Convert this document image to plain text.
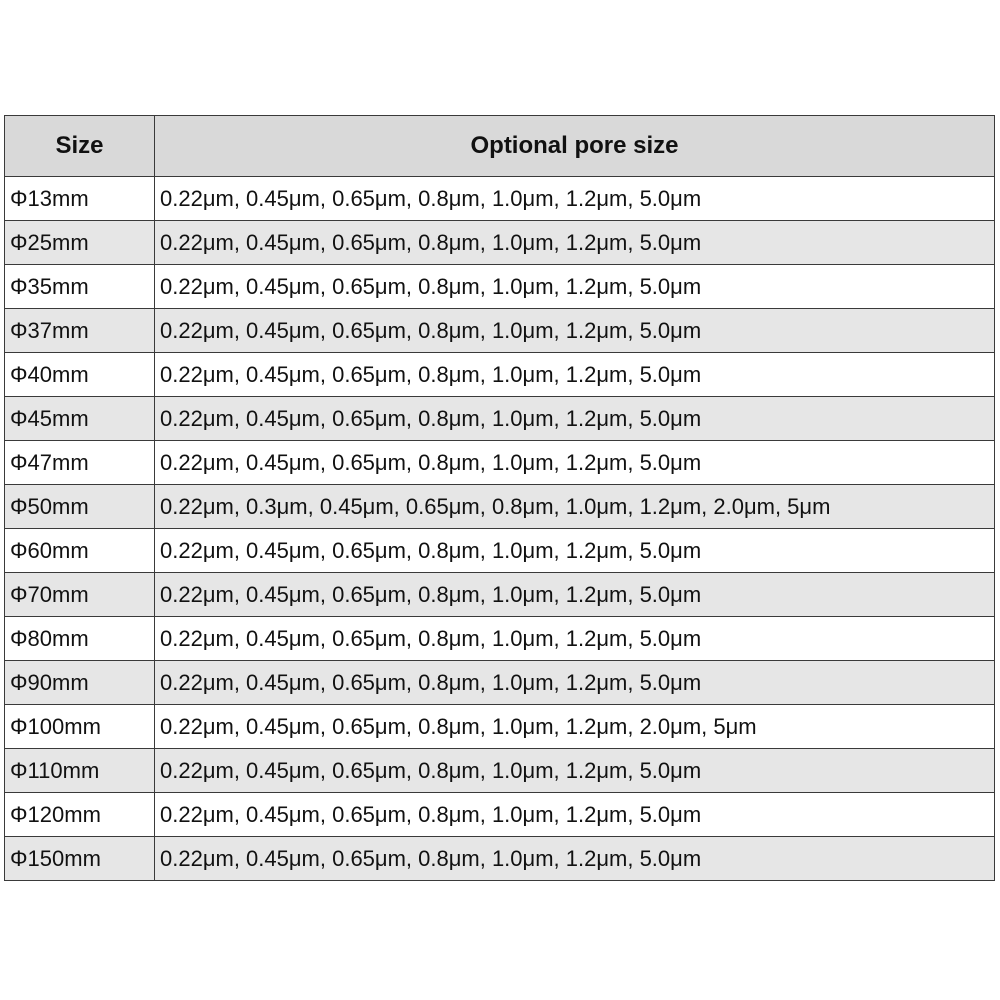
Size	Optional pore size
Φ13mm	0.22μm, 0.45μm, 0.65μm, 0.8μm, 1.0μm, 1.2μm, 5.0μm
Φ25mm	0.22μm, 0.45μm, 0.65μm, 0.8μm, 1.0μm, 1.2μm, 5.0μm
Φ35mm	0.22μm, 0.45μm, 0.65μm, 0.8μm, 1.0μm, 1.2μm, 5.0μm
Φ37mm	0.22μm, 0.45μm, 0.65μm, 0.8μm, 1.0μm, 1.2μm, 5.0μm
Φ40mm	0.22μm, 0.45μm, 0.65μm, 0.8μm, 1.0μm, 1.2μm, 5.0μm
Φ45mm	0.22μm, 0.45μm, 0.65μm, 0.8μm, 1.0μm, 1.2μm, 5.0μm
Φ47mm	0.22μm, 0.45μm, 0.65μm, 0.8μm, 1.0μm, 1.2μm, 5.0μm
Φ50mm	0.22μm, 0.3μm, 0.45μm, 0.65μm, 0.8μm, 1.0μm, 1.2μm, 2.0μm, 5μm
Φ60mm	0.22μm, 0.45μm, 0.65μm, 0.8μm, 1.0μm, 1.2μm, 5.0μm
Φ70mm	0.22μm, 0.45μm, 0.65μm, 0.8μm, 1.0μm, 1.2μm, 5.0μm
Φ80mm	0.22μm, 0.45μm, 0.65μm, 0.8μm, 1.0μm, 1.2μm, 5.0μm
Φ90mm	0.22μm, 0.45μm, 0.65μm, 0.8μm, 1.0μm, 1.2μm, 5.0μm
Φ100mm	0.22μm, 0.45μm, 0.65μm, 0.8μm, 1.0μm, 1.2μm, 2.0μm, 5μm
Φ110mm	0.22μm, 0.45μm, 0.65μm, 0.8μm, 1.0μm, 1.2μm, 5.0μm
Φ120mm	0.22μm, 0.45μm, 0.65μm, 0.8μm, 1.0μm, 1.2μm, 5.0μm
Φ150mm	0.22μm, 0.45μm, 0.65μm, 0.8μm, 1.0μm, 1.2μm, 5.0μm
